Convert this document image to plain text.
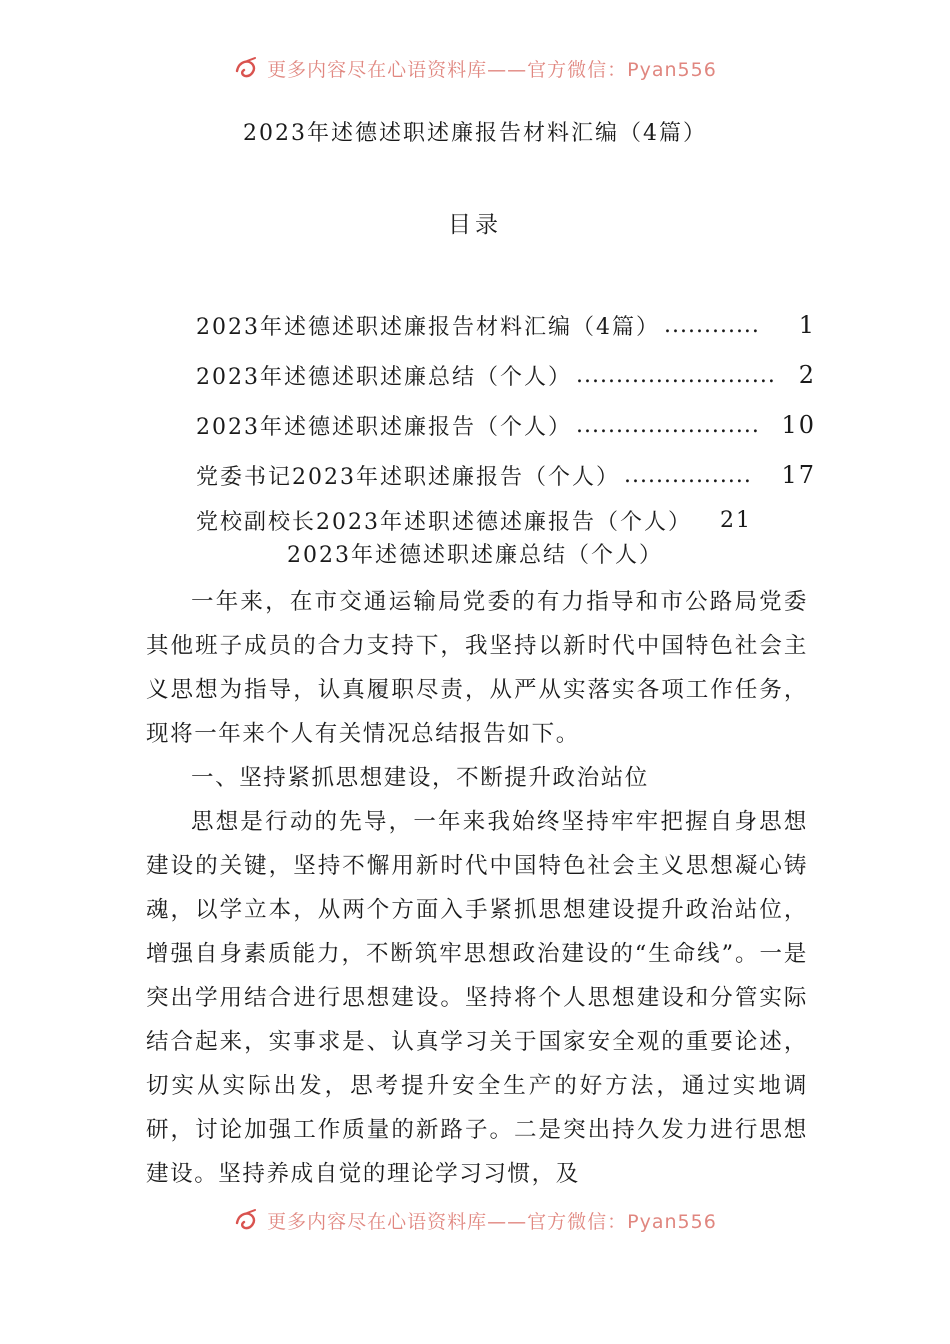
更多内容尽在心语资料库——官方微信：Pyan556
2023年述德述职述廉报告材料汇编（4篇）
目录
2023年述德述职述廉报告材料汇编（4篇） ............	1
2023年述德述职述廉总结（个人） ......................... 2
2023年述德述职述廉报告（个人） ....................... 10
党委书记2023年述职述廉报告（个人） ................	17
党校副校长2023年述职述德述廉报告（个人） 21
2023年述德述职述廉总结（个人）

一年来，在市交通运输局党委的有力指导和市公路局党委其他班子成员的合力支持下，我坚持以新时代中国特色社会主义思想为指导，认真履职尽责，从严从实落实各项工作任务，现将一年来个人有关情况总结报告如下。

一、坚持紧抓思想建设，不断提升政治站位

思想是行动的先导，一年来我始终坚持牢牢把握自身思想建设的关键，坚持不懈用新时代中国特色社会主义思想凝心铸魂，以学立本，从两个方面入手紧抓思想建设提升政治站位，增强自身素质能力，不断筑牢思想政治建设的“生命线”。一是突出学用结合进行思想建设。坚持将个人思想建设和分管实际结合起来，实事求是、认真学习关于国家安全观的重要论述，切实从实际出发，思考提升安全生产的好方法，通过实地调研，讨论加强工作质量的新路子。二是突出持久发力进行思想建设。坚持养成自觉的理论学习习惯，及

更多内容尽在心语资料库——官方微信：Pyan556
